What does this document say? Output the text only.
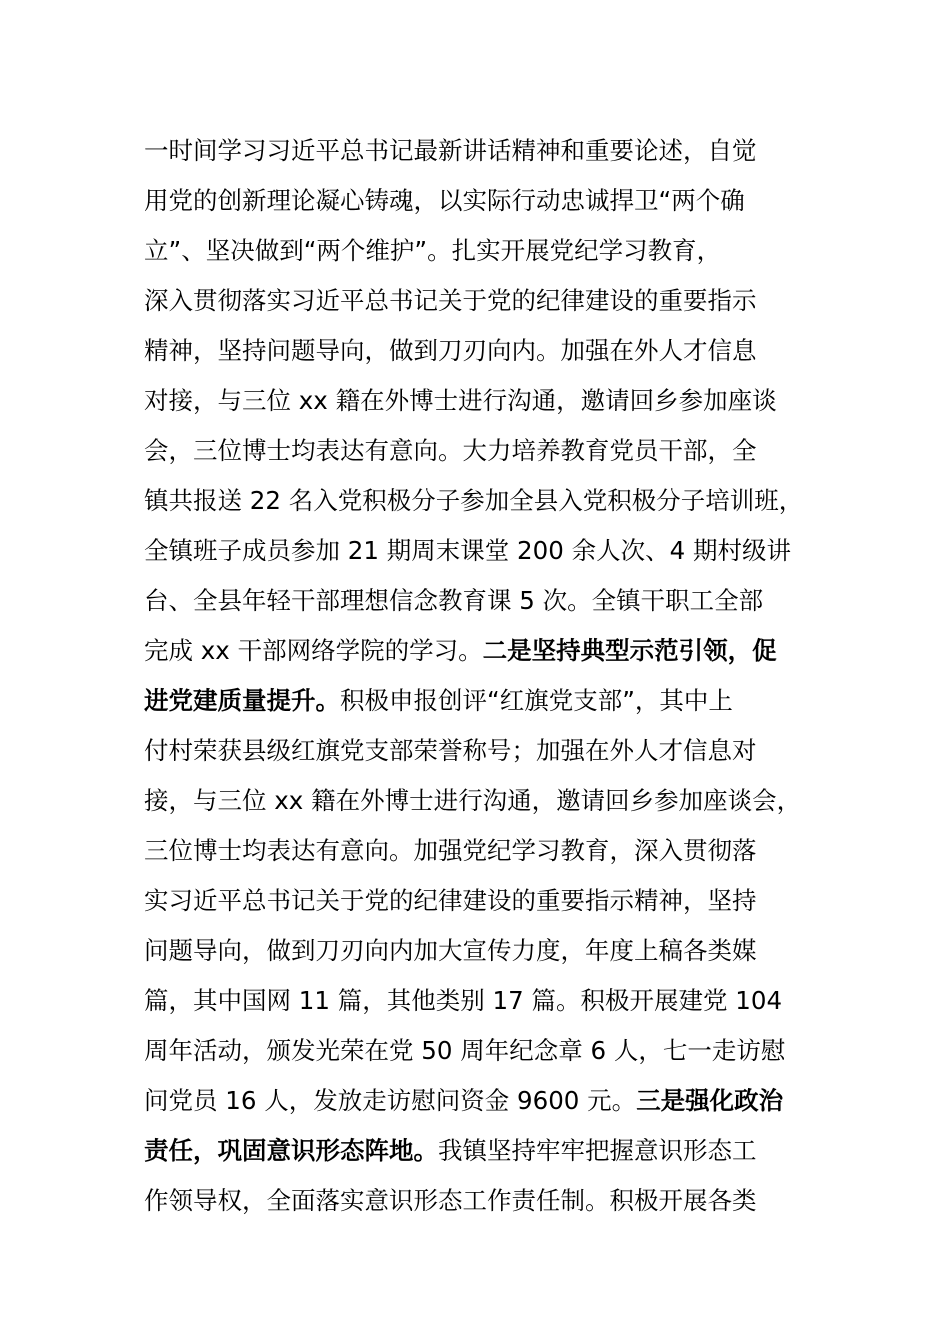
一时间学习习近平总书记最新讲话精神和重要论述，自觉
用党的创新理论凝心铸魂，以实际行动忠诚捍卫“两个确
立”、坚决做到“两个维护”。扎实开展党纪学习教育，
深入贯彻落实习近平总书记关于党的纪律建设的重要指示
精神，坚持问题导向，做到刀刃向内。加强在外人才信息
对接，与三位 xx 籍在外博士进行沟通，邀请回乡参加座谈
会，三位博士均表达有意向。大力培养教育党员干部，全
镇共报送 22 名入党积极分子参加全县入党积极分子培训班，
全镇班子成员参加 21 期周末课堂 200 余人次、4 期村级讲
台、全县年轻干部理想信念教育课 5 次。全镇干职工全部
完成 xx 干部网络学院的学习。二是坚持典型示范引领，促
进党建质量提升。积极申报创评“红旗党支部”，其中上
付村荣获县级红旗党支部荣誉称号；加强在外人才信息对
接，与三位 xx 籍在外博士进行沟通，邀请回乡参加座谈会，
三位博士均表达有意向。加强党纪学习教育，深入贯彻落
实习近平总书记关于党的纪律建设的重要指示精神，坚持
问题导向，做到刀刃向内加大宣传力度，年度上稿各类媒
篇，其中国网 11 篇，其他类别 17 篇。积极开展建党 104
周年活动，颁发光荣在党 50 周年纪念章 6 人，七一走访慰
问党员 16 人，发放走访慰问资金 9600 元。三是强化政治
责任，巩固意识形态阵地。我镇坚持牢牢把握意识形态工
作领导权，全面落实意识形态工作责任制。积极开展各类
